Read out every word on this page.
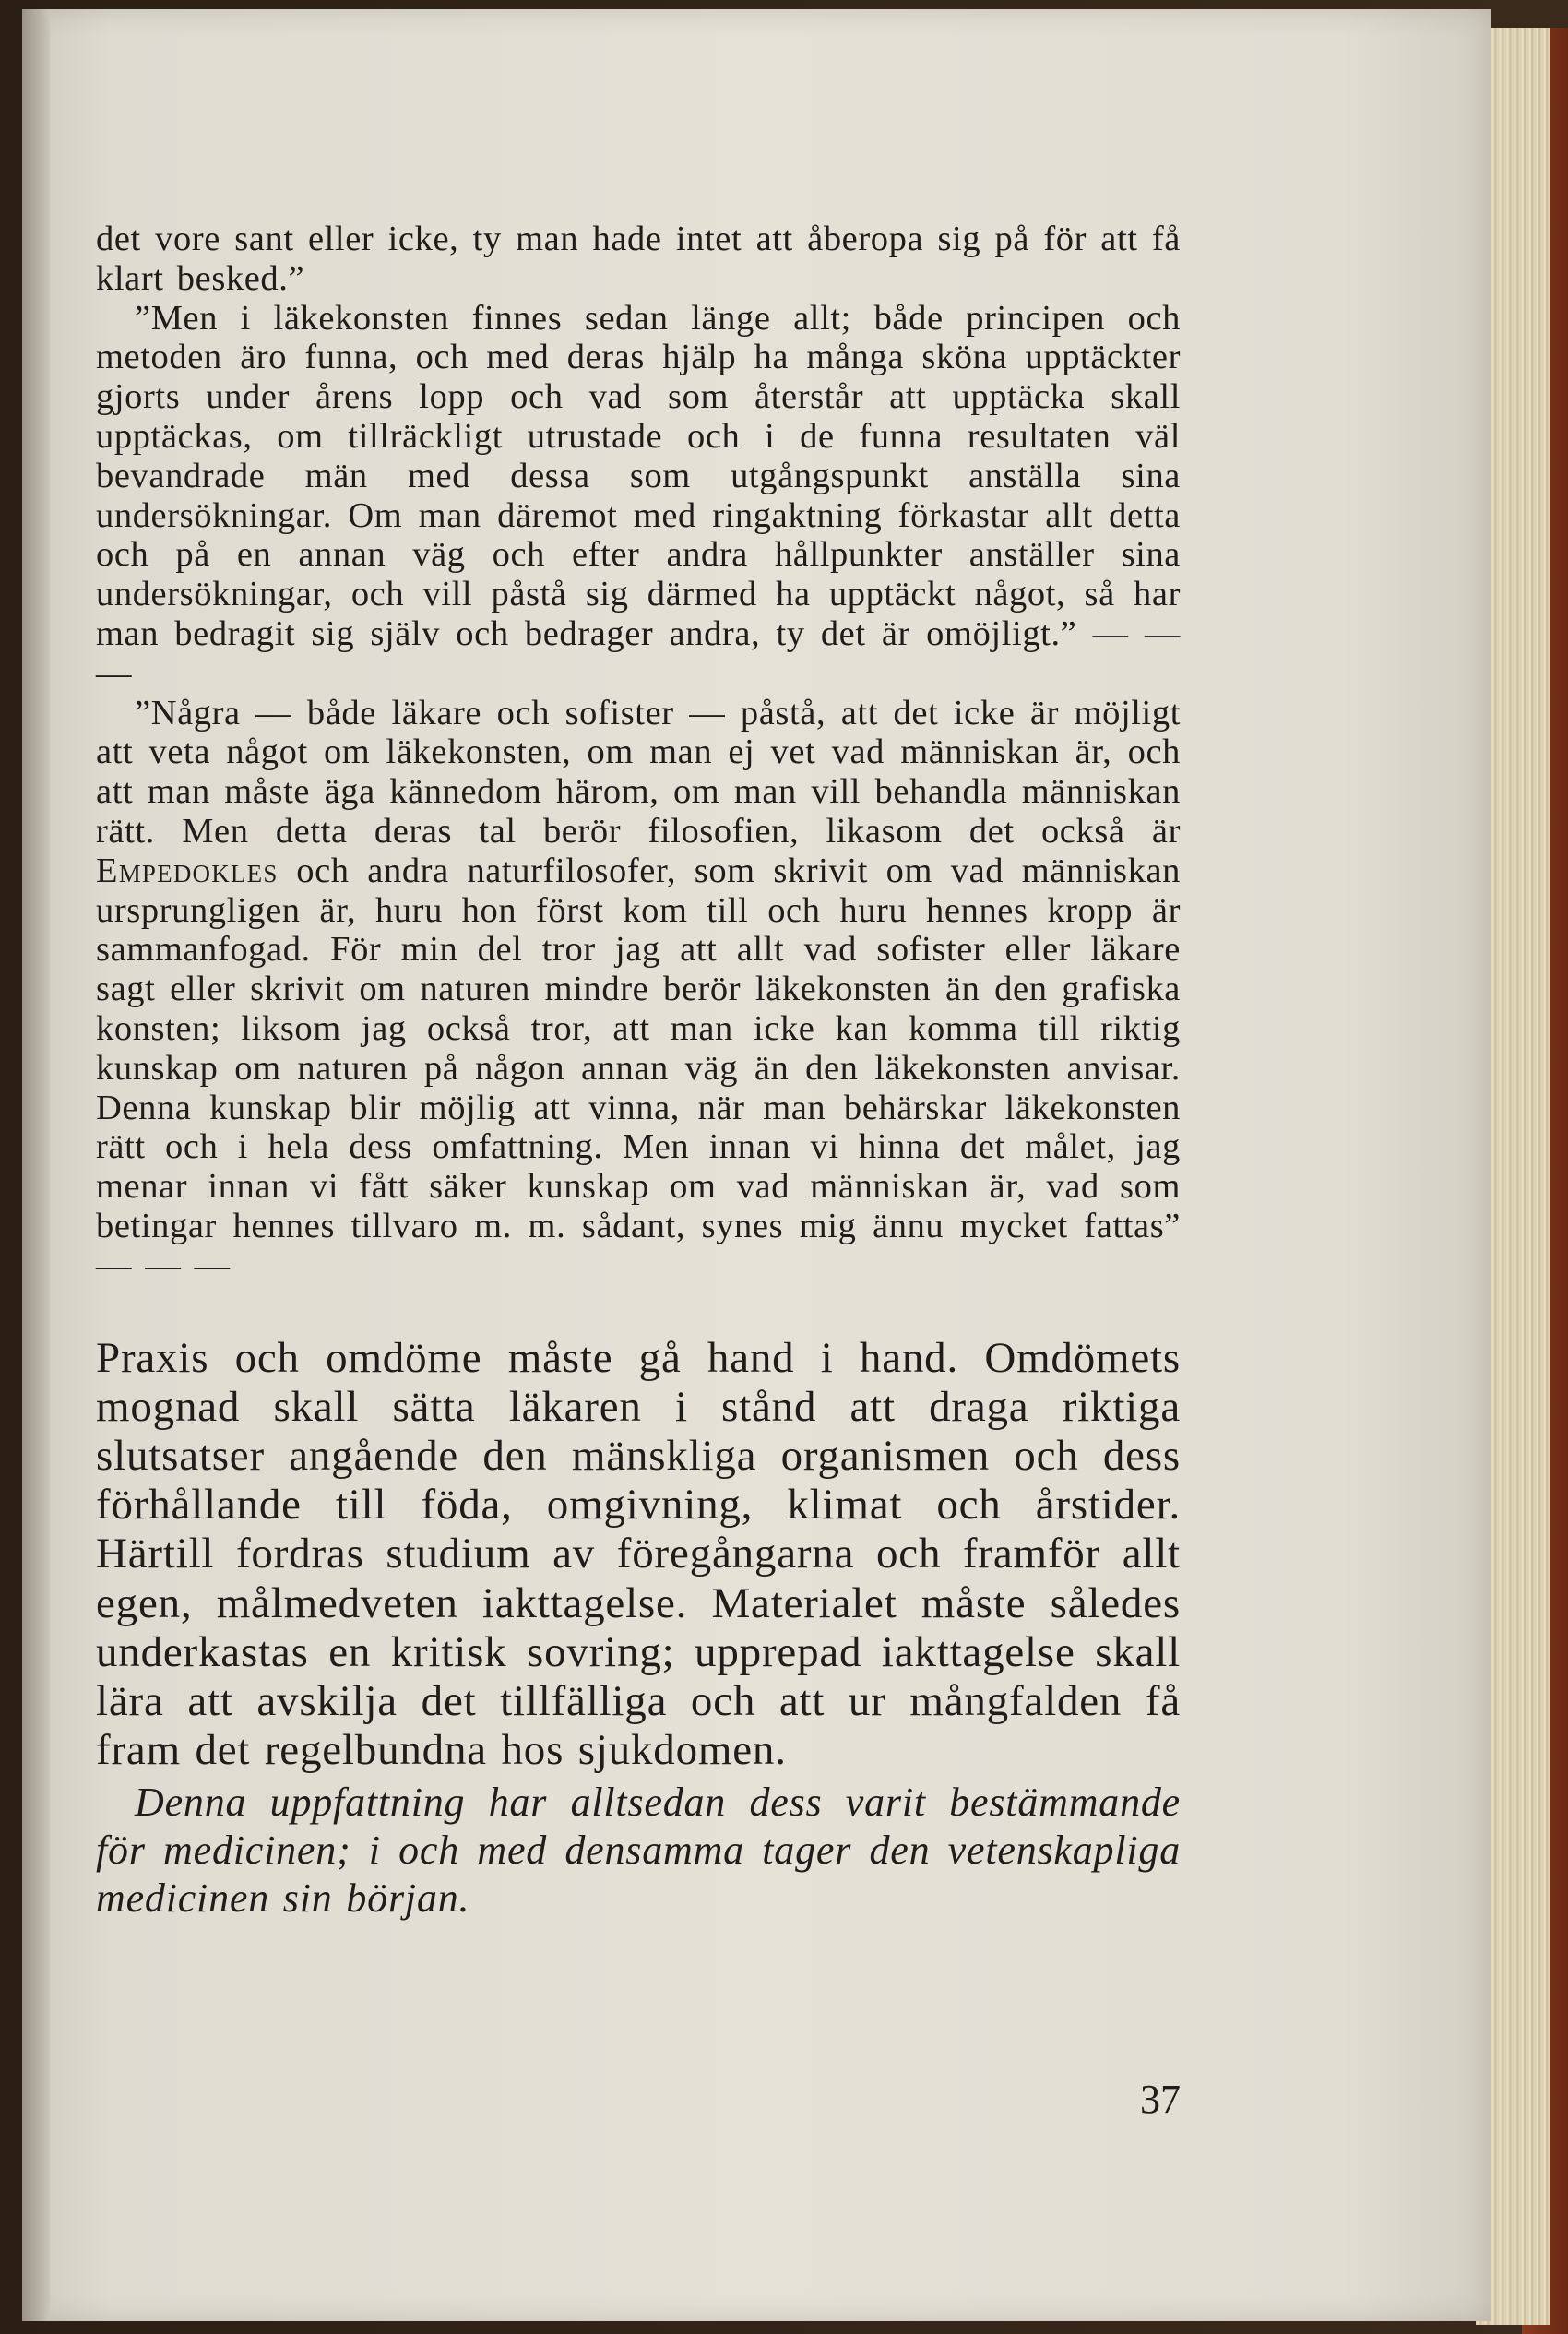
det vore sant eller icke, ty man hade intet att åberopa sig på för att få klart besked.”

”Men i läkekonsten finnes sedan länge allt; både principen och metoden äro funna, och med deras hjälp ha många sköna upptäckter gjorts under årens lopp och vad som återstår att upptäcka skall upptäckas, om tillräckligt utrustade och i de funna resultaten väl bevandrade män med dessa som utgångspunkt anställa sina undersökningar. Om man däremot med ringaktning förkastar allt detta och på en annan väg och efter andra hållpunkter anställer sina undersökningar, och vill påstå sig därmed ha upptäckt något, så har man bedragit sig själv och bedrager andra, ty det är omöjligt.” — — —

”Några — både läkare och sofister — påstå, att det icke är möjligt att veta något om läkekonsten, om man ej vet vad människan är, och att man måste äga kännedom härom, om man vill behandla människan rätt. Men detta deras tal berör filosofien, likasom det också är Empedokles och andra naturfilosofer, som skrivit om vad människan ursprungligen är, huru hon först kom till och huru hennes kropp är sammanfogad. För min del tror jag att allt vad sofister eller läkare sagt eller skrivit om naturen mindre berör läkekonsten än den grafiska konsten; liksom jag också tror, att man icke kan komma till riktig kunskap om naturen på någon annan väg än den läkekonsten anvisar. Denna kunskap blir möjlig att vinna, när man behärskar läkekonsten rätt och i hela dess omfattning. Men innan vi hinna det målet, jag menar innan vi fått säker kunskap om vad människan är, vad som betingar hennes tillvaro m. m. sådant, synes mig ännu mycket fattas” — — —

Praxis och omdöme måste gå hand i hand. Omdömets mognad skall sätta läkaren i stånd att draga riktiga slutsatser angående den mänskliga organismen och dess förhållande till föda, omgivning, klimat och årstider. Härtill fordras studium av föregångarna och framför allt egen, målmedveten iakttagelse. Materialet måste således underkastas en kritisk sovring; upprepad iakttagelse skall lära att avskilja det tillfälliga och att ur mångfalden få fram det regelbundna hos sjukdomen.

Denna uppfattning har alltsedan dess varit bestämmande för medicinen; i och med densamma tager den vetenskapliga medicinen sin början.

37
